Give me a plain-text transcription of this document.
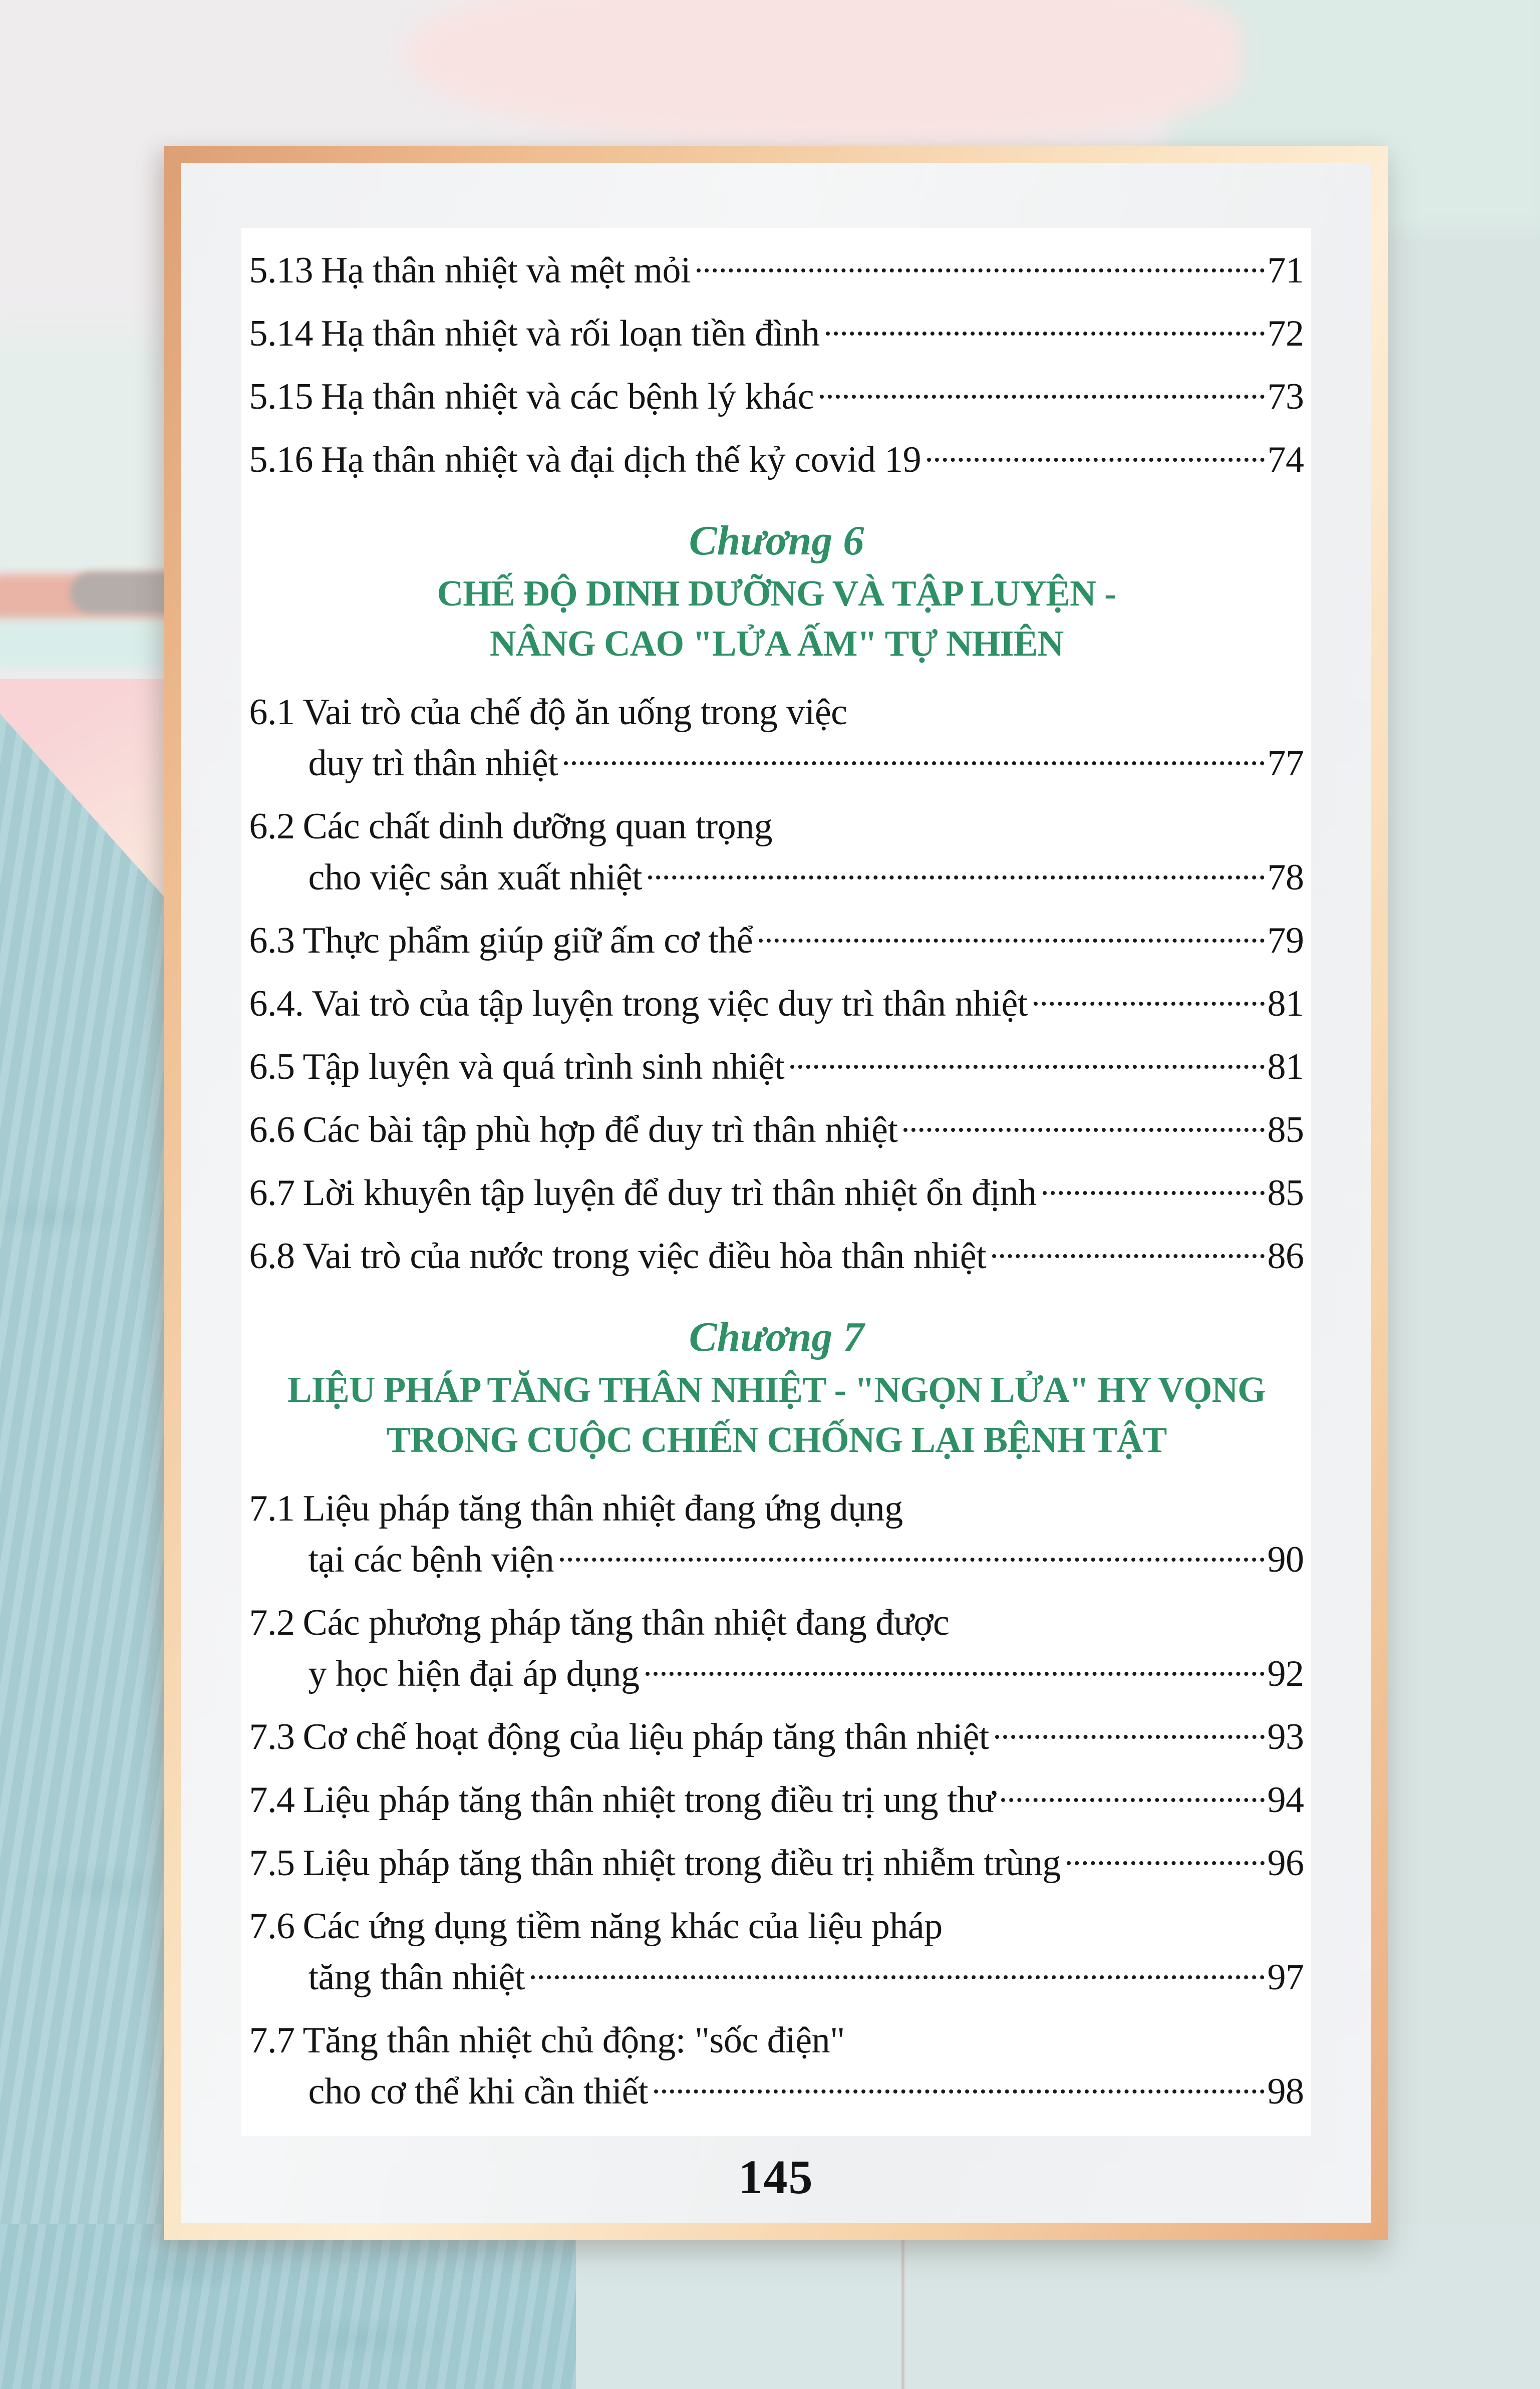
5.13 Hạ thân nhiệt và mệt mỏi	71
5.14 Hạ thân nhiệt và rối loạn tiền đình	72
5.15 Hạ thân nhiệt và các bệnh lý khác	73
5.16 Hạ thân nhiệt và đại dịch thế kỷ covid 19	74
Chương 6
CHẾ ĐỘ DINH DƯỠNG VÀ TẬP LUYỆN -
NÂNG CAO "LỬA ẤM" TỰ NHIÊN
6.1 Vai trò của chế độ ăn uống trong việc
duy trì thân nhiệt	77
6.2 Các chất dinh dưỡng quan trọng
cho việc sản xuất nhiệt	78
6.3 Thực phẩm giúp giữ ấm cơ thể	79
6.4. Vai trò của tập luyện trong việc duy trì thân nhiệt	81
6.5 Tập luyện và quá trình sinh nhiệt	81
6.6 Các bài tập phù hợp để duy trì thân nhiệt	85
6.7 Lời khuyên tập luyện để duy trì thân nhiệt ổn định	85
6.8 Vai trò của nước trong việc điều hòa thân nhiệt	86
Chương 7
LIỆU PHÁP TĂNG THÂN NHIỆT - "NGỌN LỬA" HY VỌNG
TRONG CUỘC CHIẾN CHỐNG LẠI BỆNH TẬT
7.1 Liệu pháp tăng thân nhiệt đang ứng dụng
tại các bệnh viện	90
7.2 Các phương pháp tăng thân nhiệt đang được
y học hiện đại áp dụng	92
7.3 Cơ chế hoạt động của liệu pháp tăng thân nhiệt	93
7.4 Liệu pháp tăng thân nhiệt trong điều trị ung thư	94
7.5 Liệu pháp tăng thân nhiệt trong điều trị nhiễm trùng	96
7.6 Các ứng dụng tiềm năng khác của liệu pháp
tăng thân nhiệt	97
7.7 Tăng thân nhiệt chủ động: "sốc điện"
cho cơ thể khi cần thiết	98
145
